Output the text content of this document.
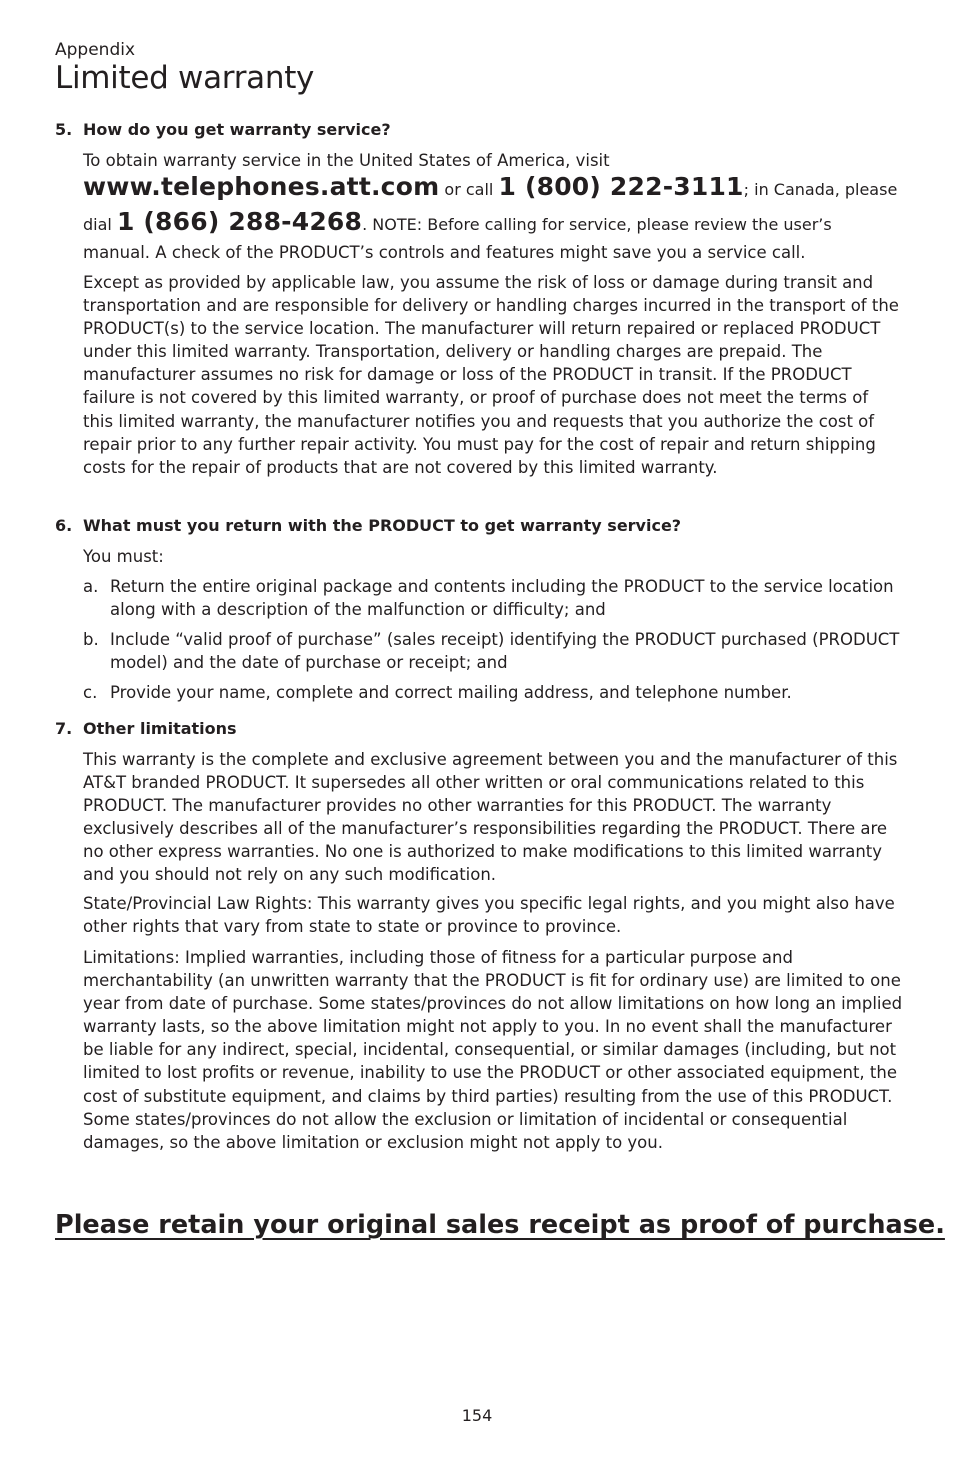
Appendix
Limited warranty
5. How do you get warranty service?

To obtain warranty service in the United States of America, visit

www.telephones.att.com or call 1 (800) 222-3111; in Canada, please
dial 1 (866) 288-4268. NOTE: Before calling for service, please review the user’s

manual. A check of the PRODUCT’s controls and features might save you a service call.

Except as provided by applicable law, you assume the risk of loss or damage during transit and transportation and are responsible for delivery or handling charges incurred in the transport of the PRODUCT(s) to the service location. The manufacturer will return repaired or replaced PRODUCT under this limited warranty. Transportation, delivery or handling charges are prepaid. The manufacturer assumes no risk for damage or loss of the PRODUCT in transit. If the PRODUCT failure is not covered by this limited warranty, or proof of purchase does not meet the terms of this limited warranty, the manufacturer notifies you and requests that you authorize the cost of repair prior to any further repair activity. You must pay for the cost of repair and return shipping costs for the repair of products that are not covered by this limited warranty.

6. What must you return with the PRODUCT to get warranty service?

You must:

a. Return the entire original package and contents including the PRODUCT to the service location along with a description of the malfunction or difficulty; and

b. Include “valid proof of purchase” (sales receipt) identifying the PRODUCT purchased (PRODUCT model) and the date of purchase or receipt; and

c. Provide your name, complete and correct mailing address, and telephone number.

7. Other limitations

This warranty is the complete and exclusive agreement between you and the manufacturer of this AT&T branded PRODUCT. It supersedes all other written or oral communications related to this PRODUCT. The manufacturer provides no other warranties for this PRODUCT. The warranty exclusively describes all of the manufacturer’s responsibilities regarding the PRODUCT. There are no other express warranties. No one is authorized to make modifications to this limited warranty and you should not rely on any such modification.

State/Provincial Law Rights: This warranty gives you specific legal rights, and you might also have other rights that vary from state to state or province to province.

Limitations: Implied warranties, including those of fitness for a particular purpose and merchantability (an unwritten warranty that the PRODUCT is fit for ordinary use) are limited to one year from date of purchase. Some states/provinces do not allow limitations on how long an implied warranty lasts, so the above limitation might not apply to you. In no event shall the manufacturer be liable for any indirect, special, incidental, consequential, or similar damages (including, but not limited to lost profits or revenue, inability to use the PRODUCT or other associated equipment, the cost of substitute equipment, and claims by third parties) resulting from the use of this PRODUCT. Some states/provinces do not allow the exclusion or limitation of incidental or consequential damages, so the above limitation or exclusion might not apply to you.

Please retain your original sales receipt as proof of purchase.

154
